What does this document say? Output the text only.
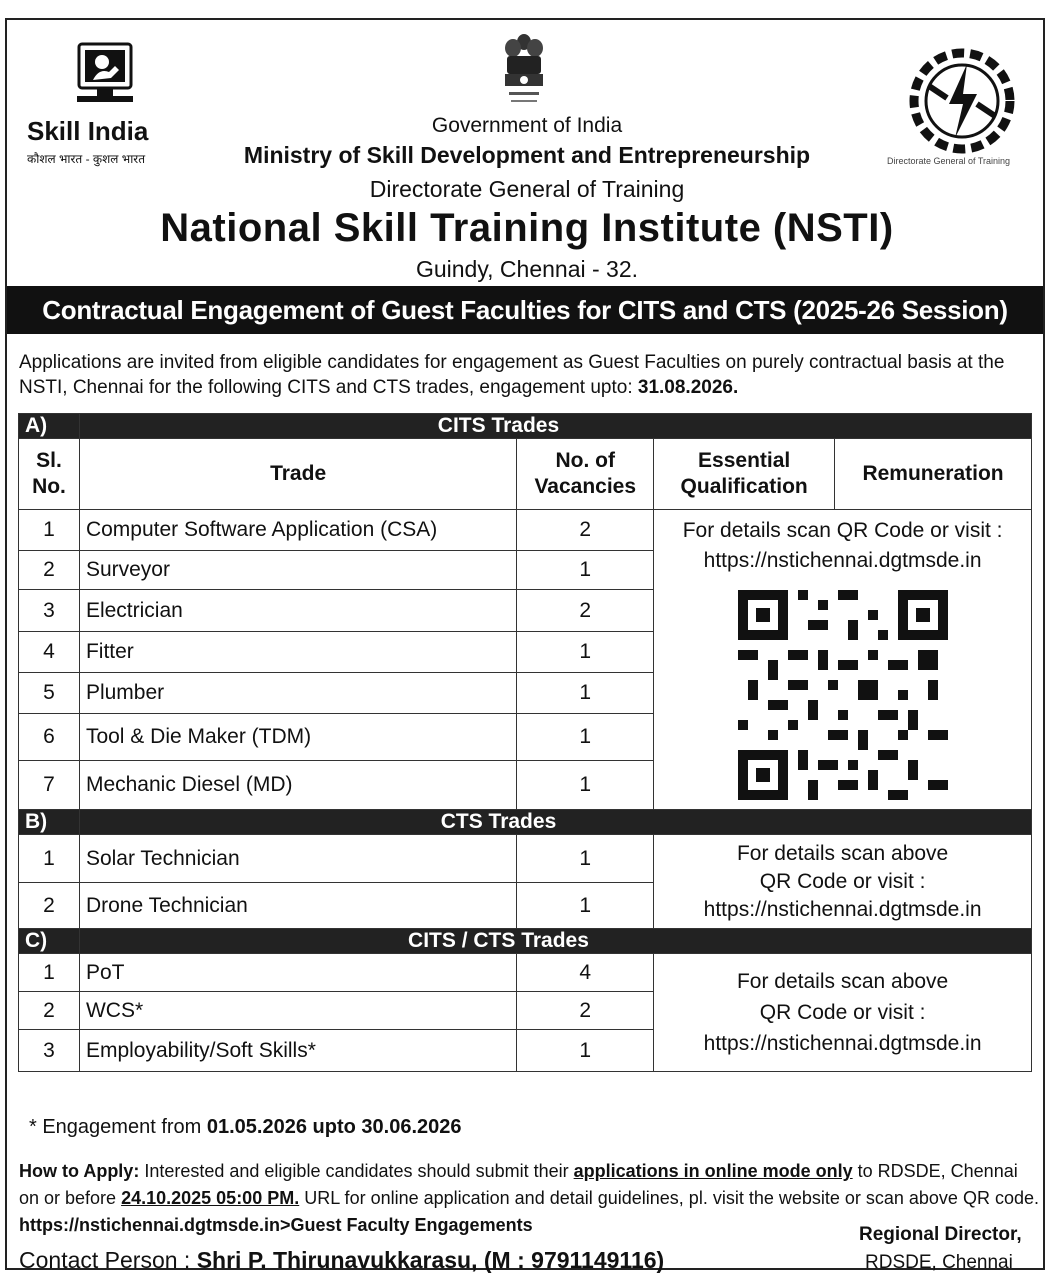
Skill India
कौशल भारत - कुशल भारत	Directorate General of Training
Government of India
Ministry of Skill Development and Entrepreneurship
Directorate General of Training
National Skill Training Institute (NSTI)
Guindy, Chennai - 32.
Contractual Engagement of Guest Faculties for CITS and CTS (2025-26 Session)
Applications are invited from eligible candidates for engagement as Guest Faculties on purely contractual basis at the NSTI, Chennai for the following CITS and CTS trades, engagement upto: 31.08.2026.
A)	CITS Trades			
Sl. No.	Trade	No. of Vacancies	Essential Qualification	Remuneration
1	Computer Software Application (CSA)	2	For details scan QR Code or visit :
https://nstichennai.dgtmsde.in	

2	Surveyor	1		
3	Electrician	2		
4	Fitter	1		
5	Plumber	1		
6	Tool & Die Maker (TDM)	1		
7	Mechanic Diesel (MD)	1		
B)	CTS Trades			
1	Solar Technician	1	For details scan above
QR Code or visit :
https://nstichennai.dgtmsde.in	

2	Drone Technician	1		
C)	CITS / CTS Trades			
1	PoT	4	For details scan above
QR Code or visit :
https://nstichennai.dgtmsde.in	

2	WCS*	2		
3	Employability/Soft Skills*	1		
* Engagement from 01.05.2026 upto 30.06.2026
How to Apply: Interested and eligible candidates should submit their applications in online mode only to RDSDE, Chennai on or before 24.10.2025 05:00 PM. URL for online application and detail guidelines, pl. visit the website or scan above QR code. https://nstichennai.dgtmsde.in>Guest Faculty Engagements
Contact Person : Shri P. Thirunavukkarasu, (M : 9791149116)
Regional Director,
RDSDE, Chennai
